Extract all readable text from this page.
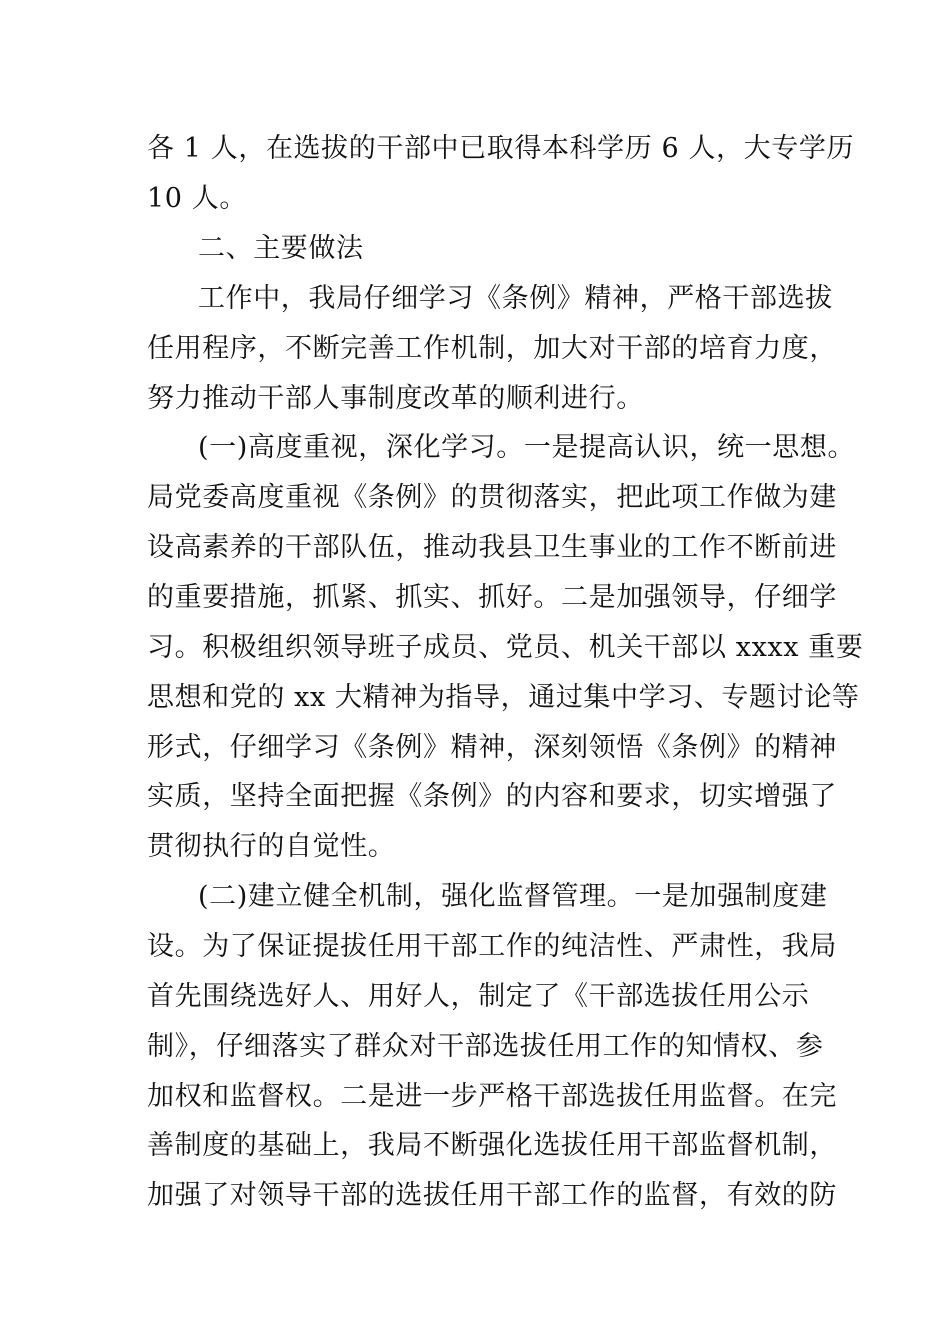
各 1 人，在选拔的干部中已取得本科学历 6 人，大专学历
10 人。
二、主要做法
工作中，我局仔细学习《条例》精神，严格干部选拔
任用程序，不断完善工作机制，加大对干部的培育力度，
努力推动干部人事制度改革的顺利进行。
(一)高度重视，深化学习。一是提高认识，统一思想。
局党委高度重视《条例》的贯彻落实，把此项工作做为建
设高素养的干部队伍，推动我县卫生事业的工作不断前进
的重要措施，抓紧、抓实、抓好。二是加强领导，仔细学
习。积极组织领导班子成员、党员、机关干部以 xxxx 重要
思想和党的 xx 大精神为指导，通过集中学习、专题讨论等
形式，仔细学习《条例》精神，深刻领悟《条例》的精神
实质，坚持全面把握《条例》的内容和要求，切实增强了
贯彻执行的自觉性。
(二)建立健全机制，强化监督管理。一是加强制度建
设。为了保证提拔任用干部工作的纯洁性、严肃性，我局
首先围绕选好人、用好人，制定了《干部选拔任用公示
制》，仔细落实了群众对干部选拔任用工作的知情权、参
加权和监督权。二是进一步严格干部选拔任用监督。在完
善制度的基础上，我局不断强化选拔任用干部监督机制，
加强了对领导干部的选拔任用干部工作的监督，有效的防
